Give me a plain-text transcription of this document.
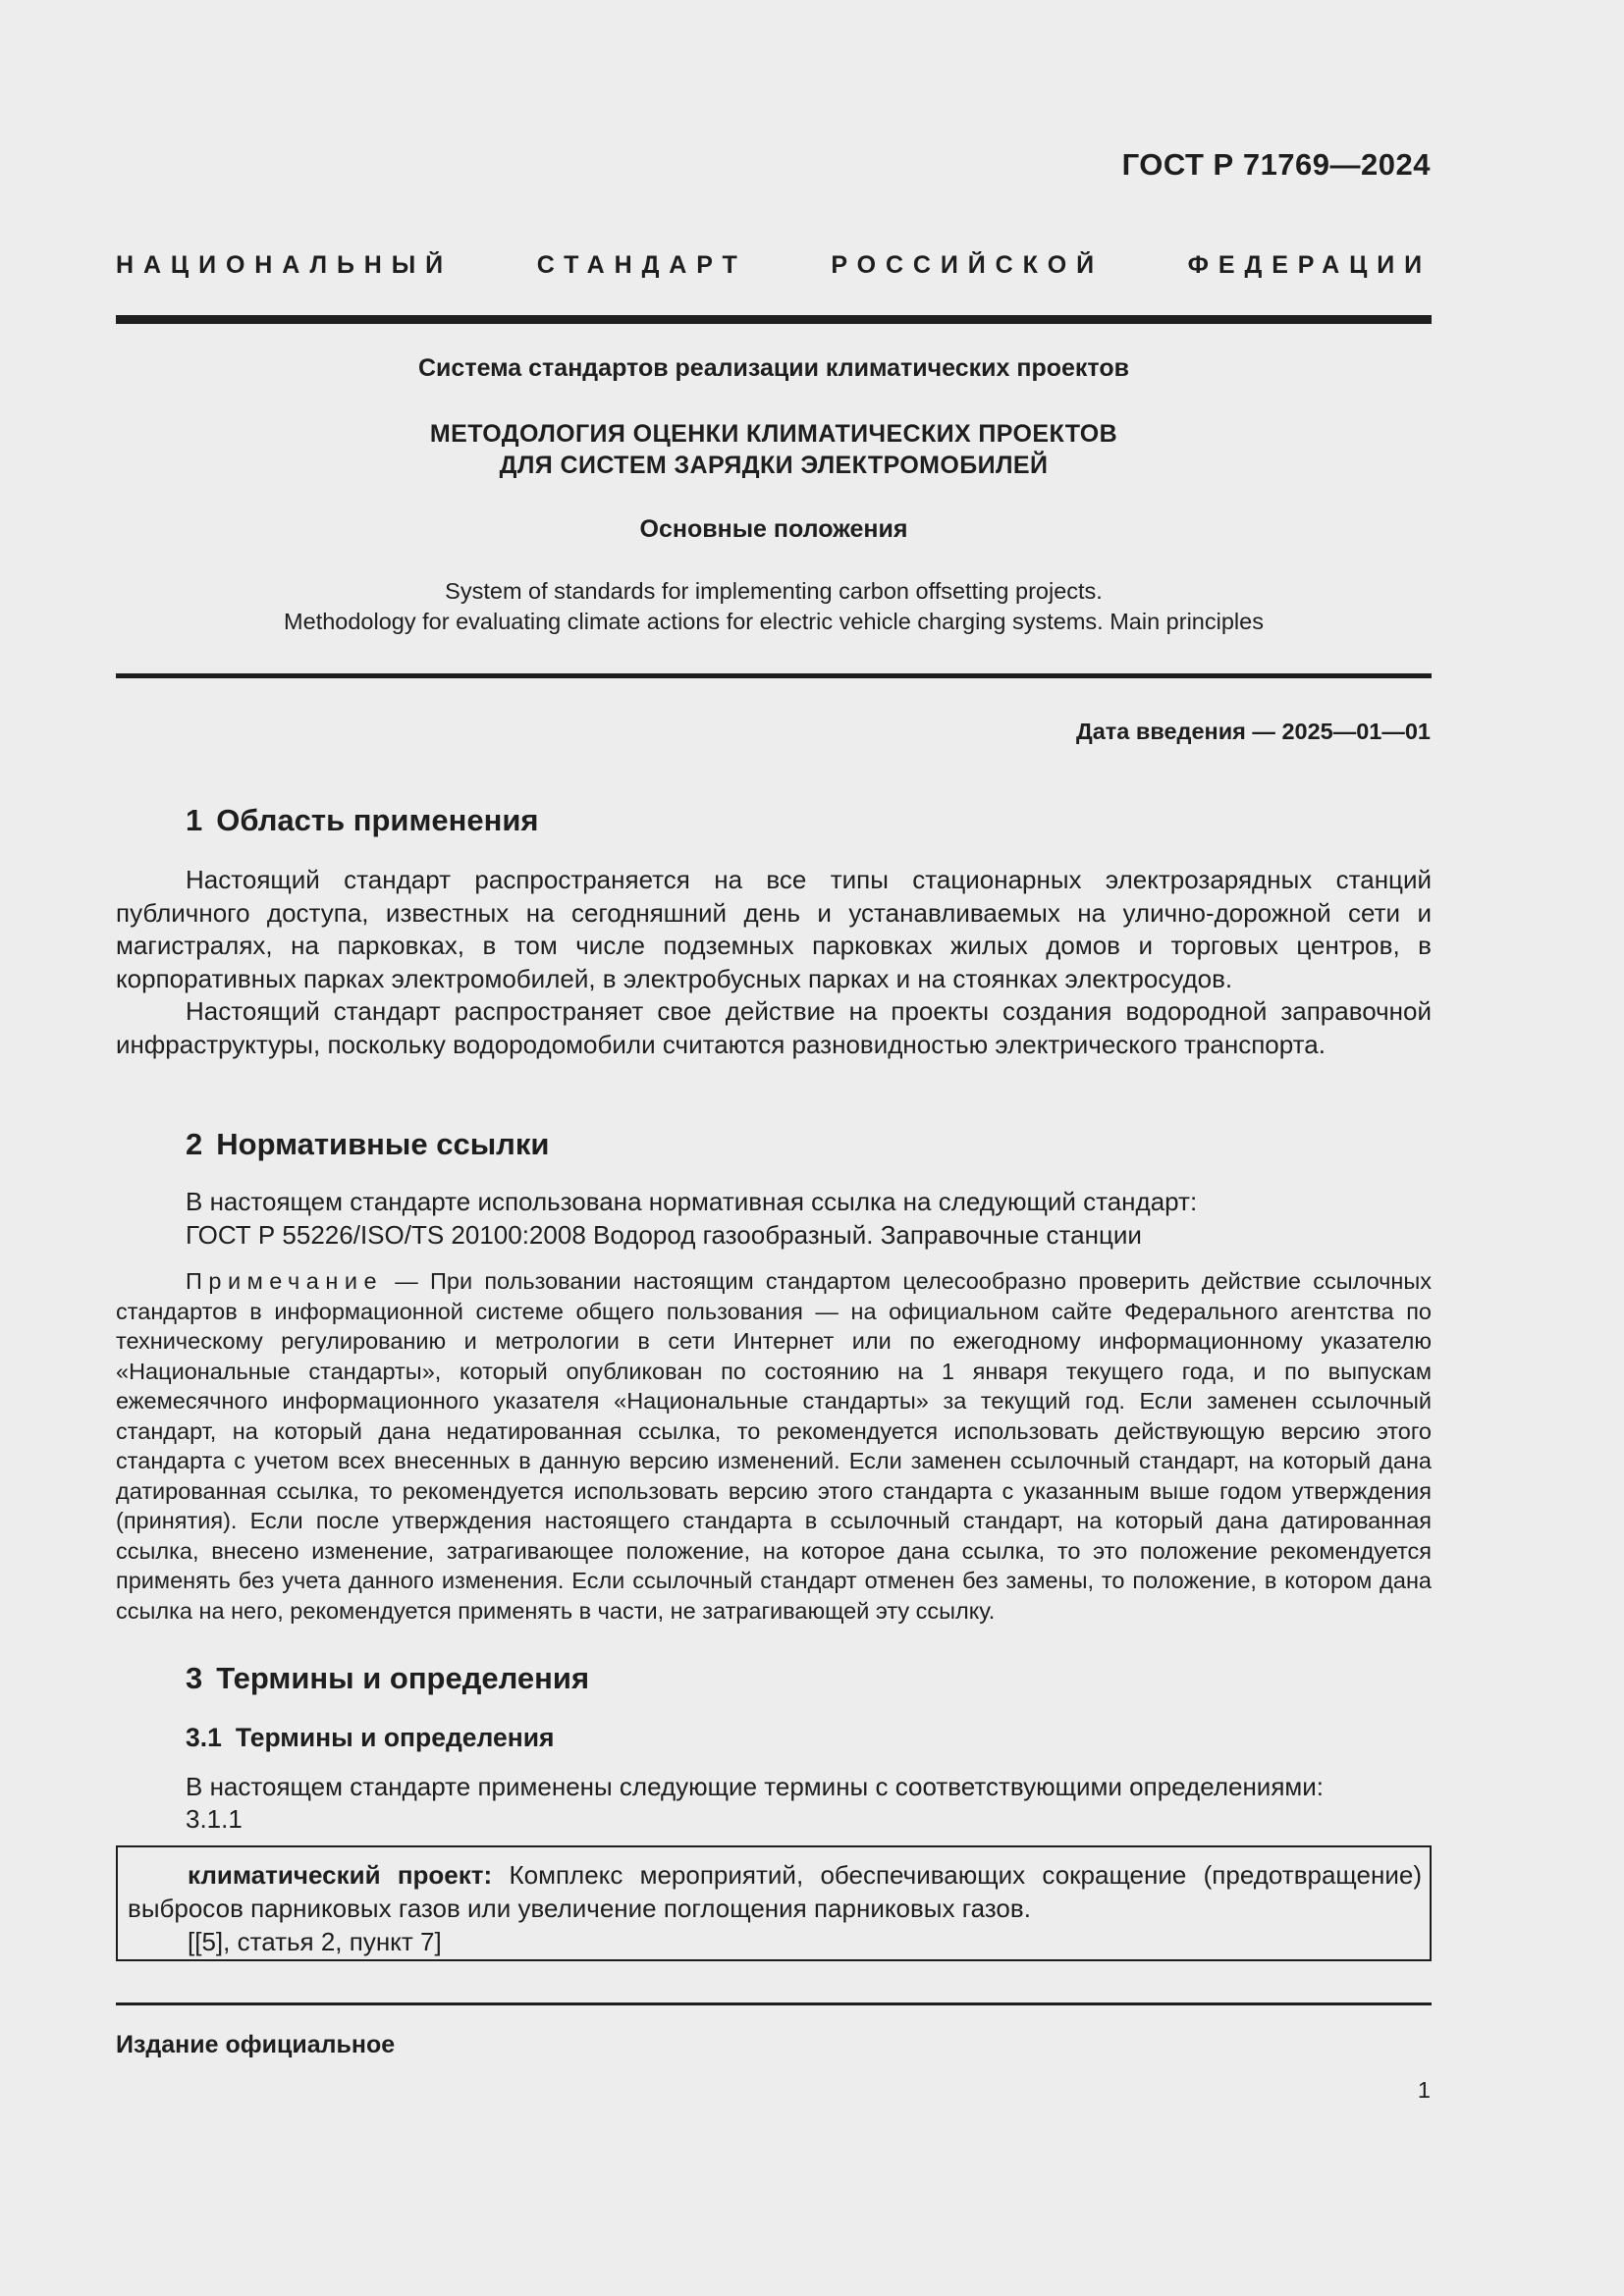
ГОСТ Р 71769—2024
НАЦИОНАЛЬНЫЙ СТАНДАРТ РОССИЙСКОЙ ФЕДЕРАЦИИ
Система стандартов реализации климатических проектов
МЕТОДОЛОГИЯ ОЦЕНКИ КЛИМАТИЧЕСКИХ ПРОЕКТОВ
ДЛЯ СИСТЕМ ЗАРЯДКИ ЭЛЕКТРОМОБИЛЕЙ
Основные положения
System of standards for implementing carbon offsetting projects.
Methodology for evaluating climate actions for electric vehicle charging systems. Main principles
Дата введения — 2025—01—01
1 Область применения
Настоящий стандарт распространяется на все типы стационарных электрозарядных станций публичного доступа, известных на сегодняшний день и устанавливаемых на улично-дорожной сети и магистралях, на парковках, в том числе подземных парковках жилых домов и торговых центров, в корпоративных парках электромобилей, в электробусных парках и на стоянках электросудов.
Настоящий стандарт распространяет свое действие на проекты создания водородной заправочной инфраструктуры, поскольку водородомобили считаются разновидностью электрического транспорта.
2 Нормативные ссылки
В настоящем стандарте использована нормативная ссылка на следующий стандарт:
ГОСТ Р 55226/ISO/TS 20100:2008 Водород газообразный. Заправочные станции
Примечание — При пользовании настоящим стандартом целесообразно проверить действие ссылочных стандартов в информационной системе общего пользования — на официальном сайте Федерального агентства по техническому регулированию и метрологии в сети Интернет или по ежегодному информационному указателю «Национальные стандарты», который опубликован по состоянию на 1 января текущего года, и по выпускам ежемесячного информационного указателя «Национальные стандарты» за текущий год. Если заменен ссылочный стандарт, на который дана недатированная ссылка, то рекомендуется использовать действующую версию этого стандарта с учетом всех внесенных в данную версию изменений. Если заменен ссылочный стандарт, на который дана датированная ссылка, то рекомендуется использовать версию этого стандарта с указанным выше годом утверждения (принятия). Если после утверждения настоящего стандарта в ссылочный стандарт, на который дана датированная ссылка, внесено изменение, затрагивающее положение, на которое дана ссылка, то это положение рекомендуется применять без учета данного изменения. Если ссылочный стандарт отменен без замены, то положение, в котором дана ссылка на него, рекомендуется применять в части, не затрагивающей эту ссылку.
3 Термины и определения
3.1 Термины и определения
В настоящем стандарте применены следующие термины с соответствующими определениями:
3.1.1
климатический проект: Комплекс мероприятий, обеспечивающих сокращение (предотвращение) выбросов парниковых газов или увеличение поглощения парниковых газов.
[[5], статья 2, пункт 7]
Издание официальное
1
